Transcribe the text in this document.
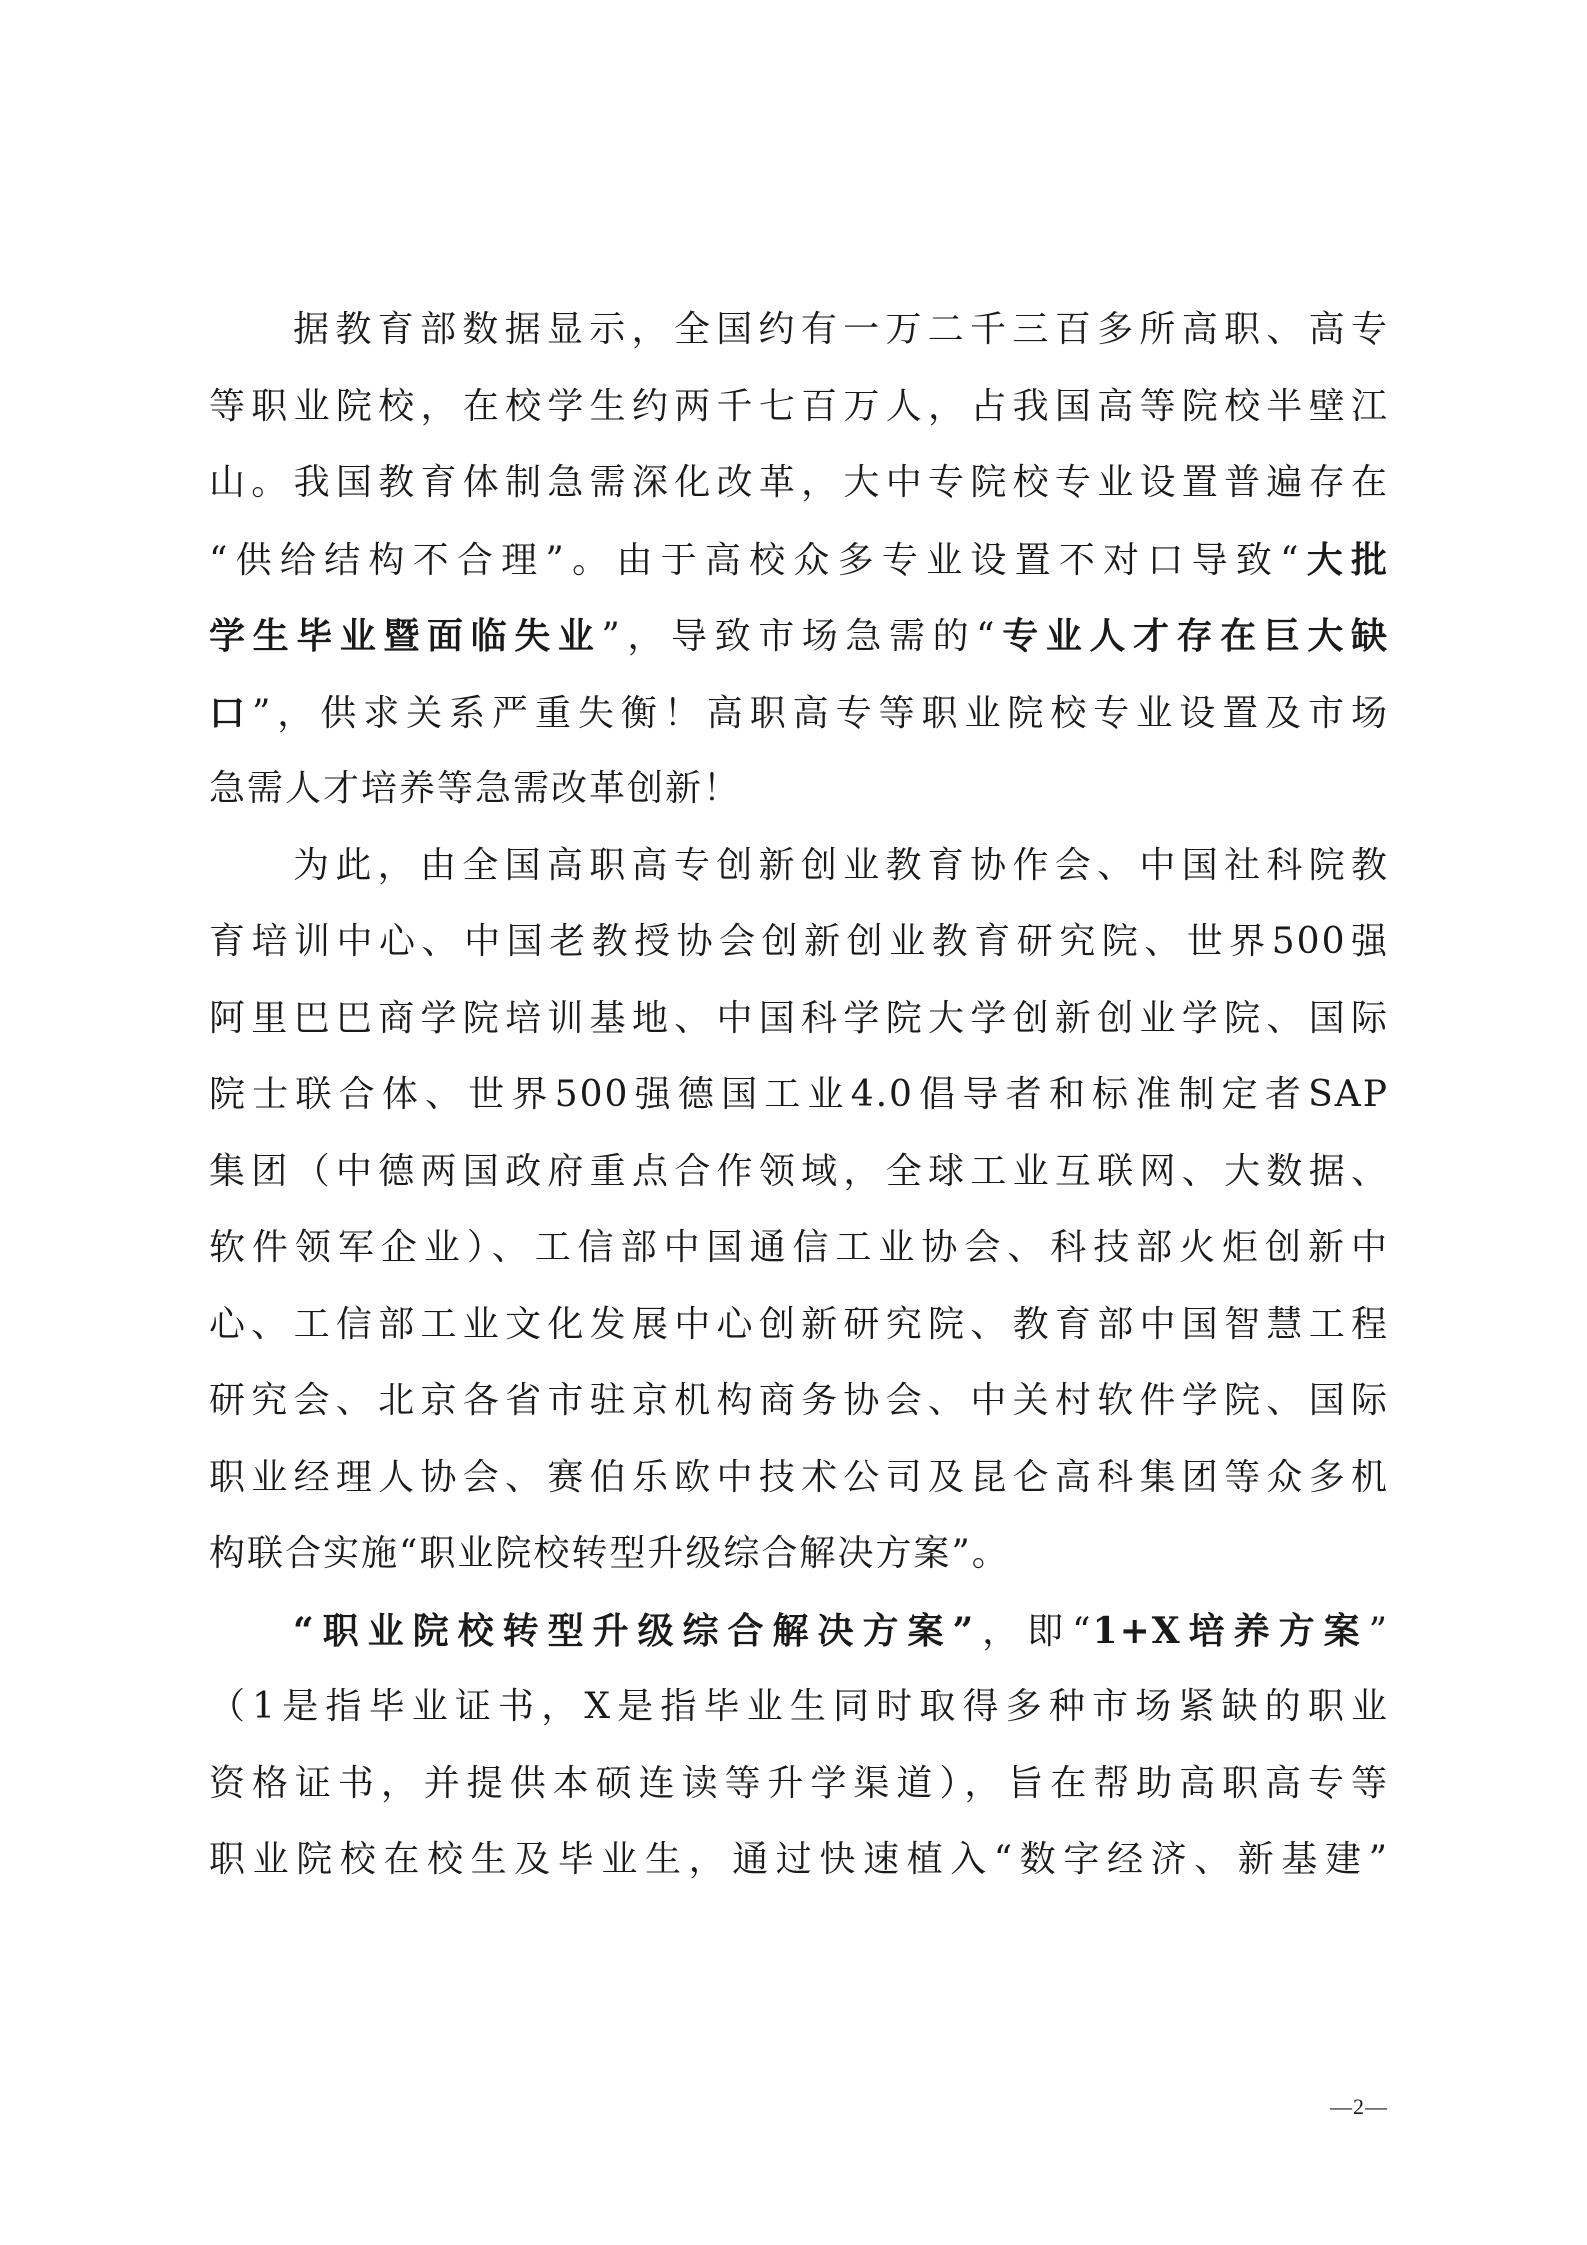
据教育部数据显示，全国约有一万二千三百多所高职、高专
等职业院校，在校学生约两千七百万人，占我国高等院校半壁江
山。我国教育体制急需深化改革，大中专院校专业设置普遍存在
“供给结构不合理”。由于高校众多专业设置不对口导致“大批
学生毕业暨面临失业”，导致市场急需的“专业人才存在巨大缺
口”，供求关系严重失衡！高职高专等职业院校专业设置及市场
急需人才培养等急需改革创新！
为此，由全国高职高专创新创业教育协作会、中国社科院教
育培训中心、中国老教授协会创新创业教育研究院、世界500强
阿里巴巴商学院培训基地、中国科学院大学创新创业学院、国际
院士联合体、世界500强德国工业4.0倡导者和标准制定者SAP
集团（中德两国政府重点合作领域，全球工业互联网、大数据、
软件领军企业）、工信部中国通信工业协会、科技部火炬创新中
心、工信部工业文化发展中心创新研究院、教育部中国智慧工程
研究会、北京各省市驻京机构商务协会、中关村软件学院、国际
职业经理人协会、赛伯乐欧中技术公司及昆仑高科集团等众多机
构联合实施“职业院校转型升级综合解决方案”。
“职业院校转型升级综合解决方案”，即“1+X培养方案”
（1是指毕业证书，X是指毕业生同时取得多种市场紧缺的职业
资格证书，并提供本硕连读等升学渠道），旨在帮助高职高专等
职业院校在校生及毕业生，通过快速植入“数字经济、新基建”
—2—
